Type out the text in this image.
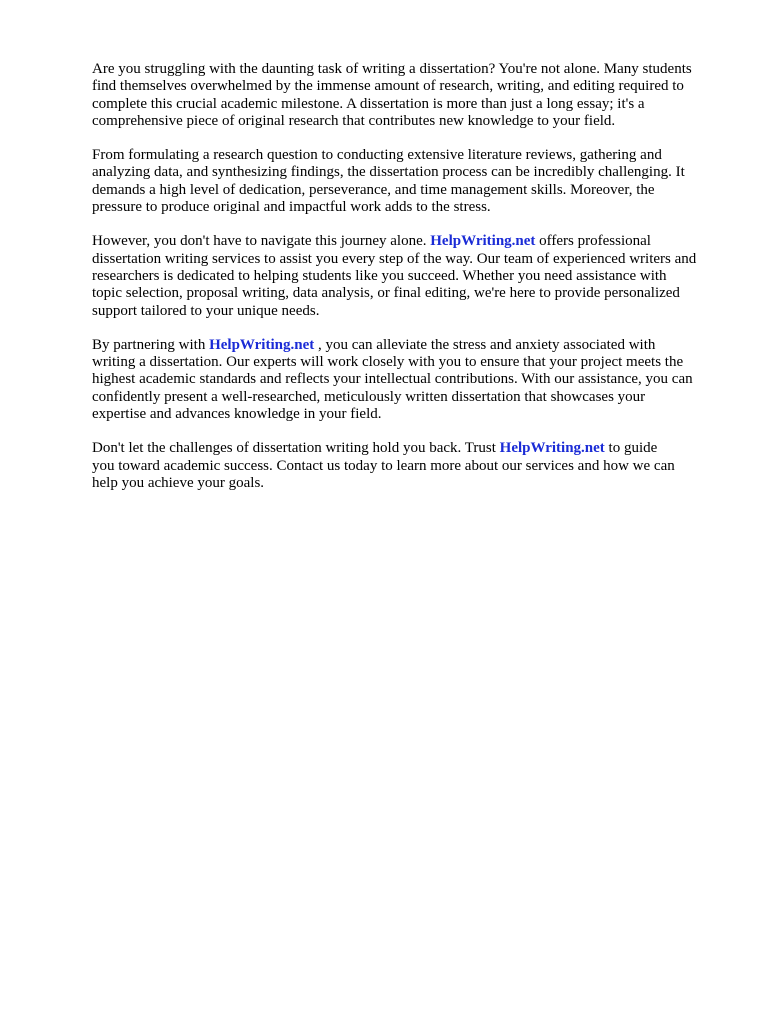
Are you struggling with the daunting task of writing a dissertation? You're not alone. Many students
find themselves overwhelmed by the immense amount of research, writing, and editing required to
complete this crucial academic milestone. A dissertation is more than just a long essay; it's a
comprehensive piece of original research that contributes new knowledge to your field.

From formulating a research question to conducting extensive literature reviews, gathering and
analyzing data, and synthesizing findings, the dissertation process can be incredibly challenging. It
demands a high level of dedication, perseverance, and time management skills. Moreover, the
pressure to produce original and impactful work adds to the stress.

However, you don't have to navigate this journey alone. HelpWriting.net offers professional
dissertation writing services to assist you every step of the way. Our team of experienced writers and
researchers is dedicated to helping students like you succeed. Whether you need assistance with
topic selection, proposal writing, data analysis, or final editing, we're here to provide personalized
support tailored to your unique needs.

By partnering with HelpWriting.net , you can alleviate the stress and anxiety associated with
writing a dissertation. Our experts will work closely with you to ensure that your project meets the
highest academic standards and reflects your intellectual contributions. With our assistance, you can
confidently present a well-researched, meticulously written dissertation that showcases your
expertise and advances knowledge in your field.

Don't let the challenges of dissertation writing hold you back. Trust HelpWriting.net to guide
you toward academic success. Contact us today to learn more about our services and how we can
help you achieve your goals.
